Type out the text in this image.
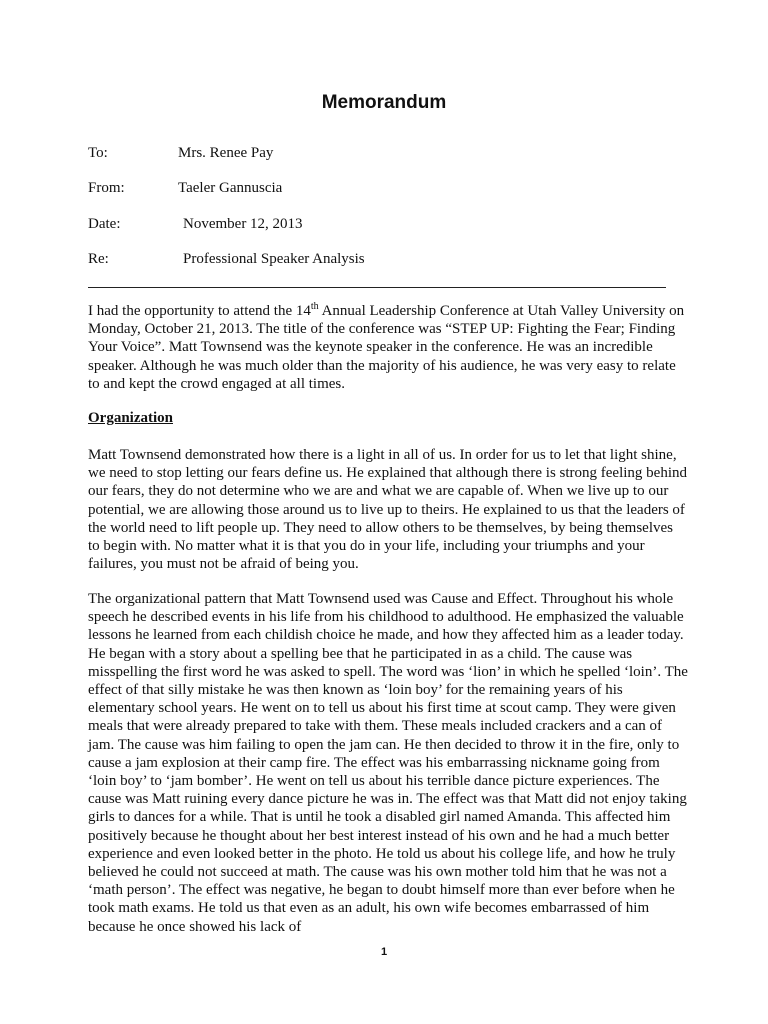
Memorandum
To:	Mrs. Renee Pay
From:	Taeler Gannuscia
Date:	November 12, 2013
Re:	Professional Speaker Analysis

I had the opportunity to attend the 14th Annual Leadership Conference at Utah Valley University on Monday, October 21, 2013. The title of the conference was “STEP UP: Fighting the Fear; Finding Your Voice”. Matt Townsend was the keynote speaker in the conference. He was an incredible speaker. Although he was much older than the majority of his audience, he was very easy to relate to and kept the crowd engaged at all times.

Organization

Matt Townsend demonstrated how there is a light in all of us. In order for us to let that light shine, we need to stop letting our fears define us. He explained that although there is strong feeling behind our fears, they do not determine who we are and what we are capable of. When we live up to our potential, we are allowing those around us to live up to theirs. He explained to us that the leaders of the world need to lift people up. They need to allow others to be themselves, by being themselves to begin with. No matter what it is that you do in your life, including your triumphs and your failures, you must not be afraid of being you.

The organizational pattern that Matt Townsend used was Cause and Effect. Throughout his whole speech he described events in his life from his childhood to adulthood. He emphasized the valuable lessons he learned from each childish choice he made, and how they affected him as a leader today. He began with a story about a spelling bee that he participated in as a child. The cause was misspelling the first word he was asked to spell. The word was ‘lion’ in which he spelled ‘loin’. The effect of that silly mistake he was then known as ‘loin boy’ for the remaining years of his elementary school years. He went on to tell us about his first time at scout camp. They were given meals that were already prepared to take with them. These meals included crackers and a can of jam. The cause was him failing to open the jam can. He then decided to throw it in the fire, only to cause a jam explosion at their camp fire. The effect was his embarrassing nickname going from ‘loin boy’ to ‘jam bomber’. He went on tell us about his terrible dance picture experiences. The cause was Matt ruining every dance picture he was in. The effect was that Matt did not enjoy taking girls to dances for a while. That is until he took a disabled girl named Amanda. This affected him positively because he thought about her best interest instead of his own and he had a much better experience and even looked better in the photo. He told us about his college life, and how he truly believed he could not succeed at math. The cause was his own mother told him that he was not a ‘math person’. The effect was negative, he began to doubt himself more than ever before when he took math exams. He told us that even as an adult, his own wife becomes embarrassed of him because he once showed his lack of

1
